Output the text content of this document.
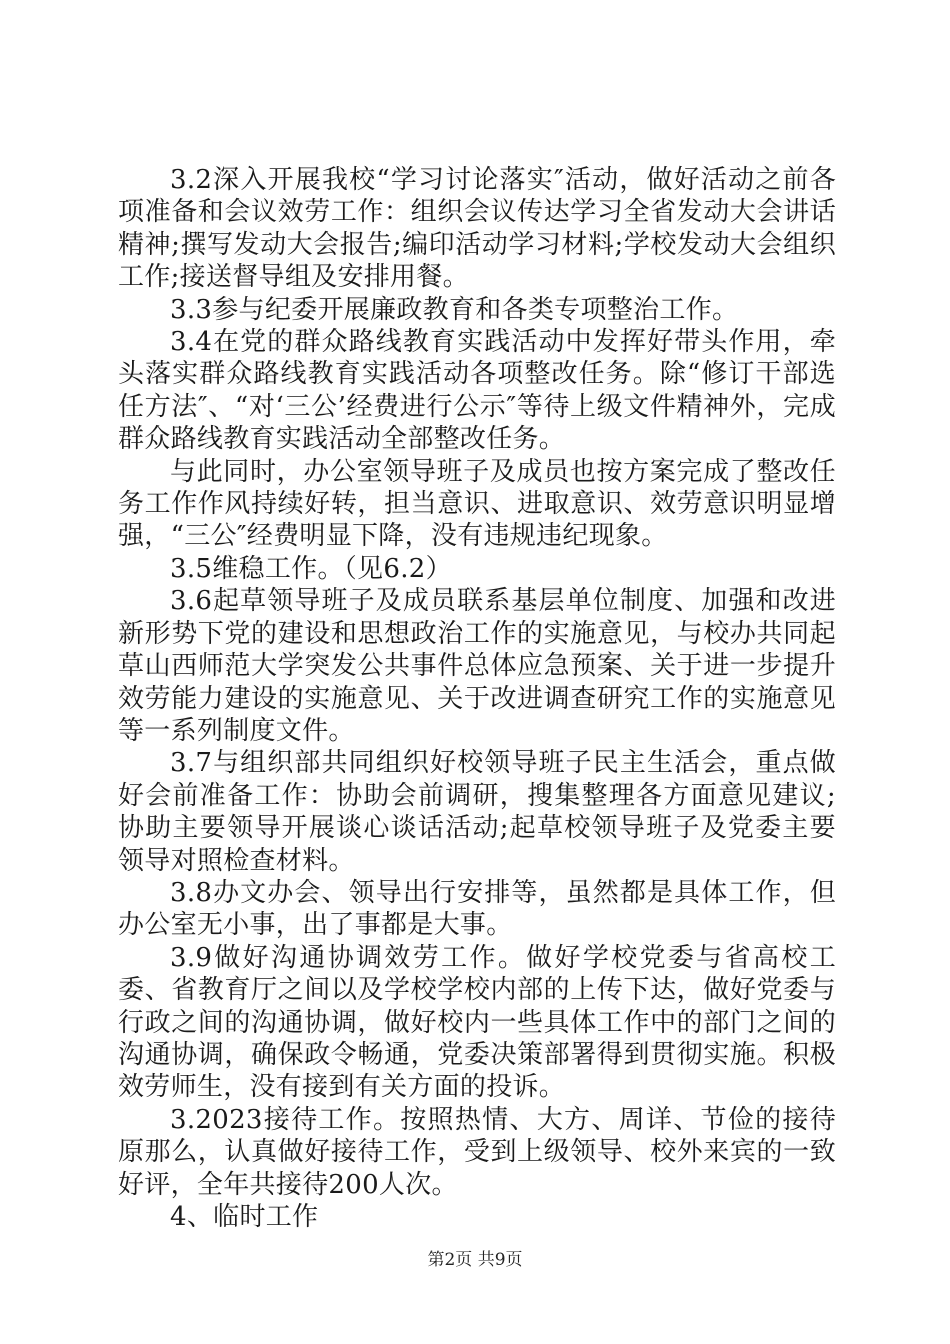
3.2深入开展我校“学习讨论落实″活动，做好活动之前各项准备和会议效劳工作：组织会议传达学习全省发动大会讲话精神;撰写发动大会报告;编印活动学习材料;学校发动大会组织工作;接送督导组及安排用餐。

3.3参与纪委开展廉政教育和各类专项整治工作。

3.4在党的群众路线教育实践活动中发挥好带头作用，牵头落实群众路线教育实践活动各项整改任务。除“修订干部选任方法″、“对‘三公’经费进行公示″等待上级文件精神外，完成群众路线教育实践活动全部整改任务。

与此同时，办公室领导班子及成员也按方案完成了整改任务工作作风持续好转，担当意识、进取意识、效劳意识明显增强，“三公″经费明显下降，没有违规违纪现象。

3.5维稳工作。（见6.2）

3.6起草领导班子及成员联系基层单位制度、加强和改进新形势下党的建设和思想政治工作的实施意见，与校办共同起草山西师范大学突发公共事件总体应急预案、关于进一步提升效劳能力建设的实施意见、关于改进调查研究工作的实施意见等一系列制度文件。

3.7与组织部共同组织好校领导班子民主生活会，重点做好会前准备工作：协助会前调研，搜集整理各方面意见建议;协助主要领导开展谈心谈话活动;起草校领导班子及党委主要领导对照检查材料。

3.8办文办会、领导出行安排等，虽然都是具体工作，但办公室无小事，出了事都是大事。

3.9做好沟通协调效劳工作。做好学校党委与省高校工委、省教育厅之间以及学校学校内部的上传下达，做好党委与行政之间的沟通协调，做好校内一些具体工作中的部门之间的沟通协调，确保政令畅通，党委决策部署得到贯彻实施。积极效劳师生，没有接到有关方面的投诉。

3.2023接待工作。按照热情、大方、周详、节俭的接待原那么，认真做好接待工作，受到上级领导、校外来宾的一致好评，全年共接待200人次。

4、临时工作

第2页 共9页
